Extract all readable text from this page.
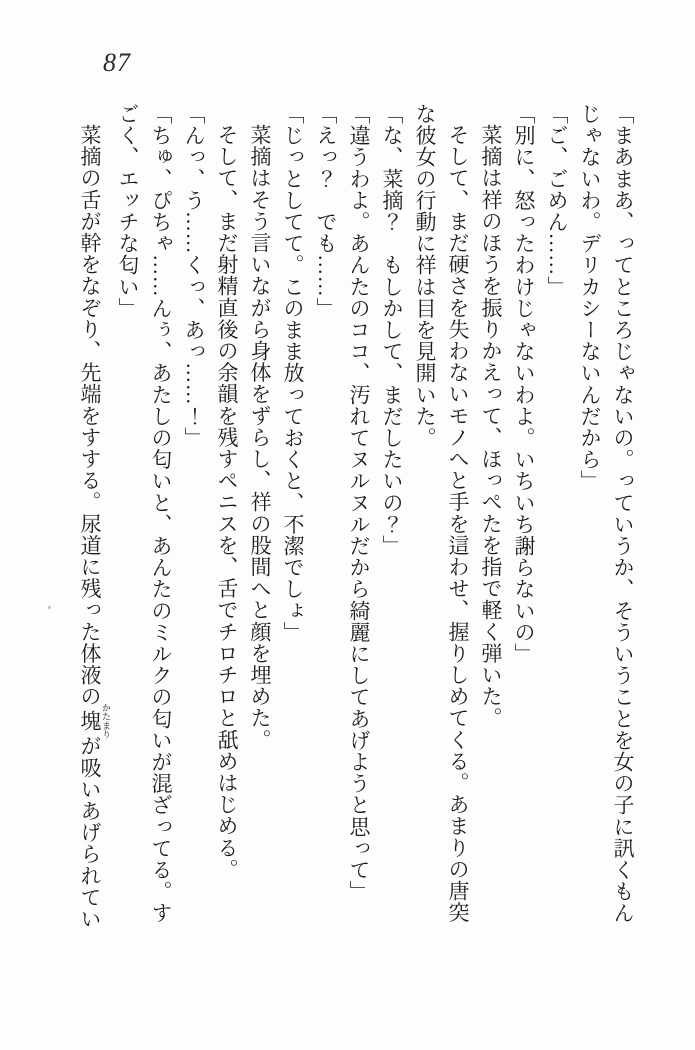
87

「まあまあ、ってところじゃないの。っていうか、そういうことを女の子に訊くもん

じゃないわ。デリカシーないんだから」

「ご、ごめん……」

「別に、怒ったわけじゃないわよ。いちいち謝らないの」

菜摘は祥のほうを振りかえって、ほっぺたを指で軽く弾いた。

そして、まだ硬さを失わないモノへと手を這わせ、握りしめてくる。あまりの唐突

な彼女の行動に祥は目を見開いた。

「な、菜摘？　もしかして、まだしたいの？」

「違うわよ。あんたのココ、汚れてヌルヌルだから綺麗にしてあげようと思って」

「えっ？　でも……」

「じっとしてて。このまま放っておくと、不潔でしょ」

菜摘はそう言いながら身体をずらし、祥の股間へと顔を埋めた。

そして、まだ射精直後の余韻を残すペニスを、舌でチロチロと舐めはじめる。

「んっ、う……くっ、あっ……！」

「ちゅ、ぴちゃ……んぅ、あたしの匂いと、あんたのミルクの匂いが混ざってる。す

ごく、エッチな匂い」

菜摘の舌が幹をなぞり、先端をすする。尿道に残った体液の塊 かたまりが吸いあげられてい
